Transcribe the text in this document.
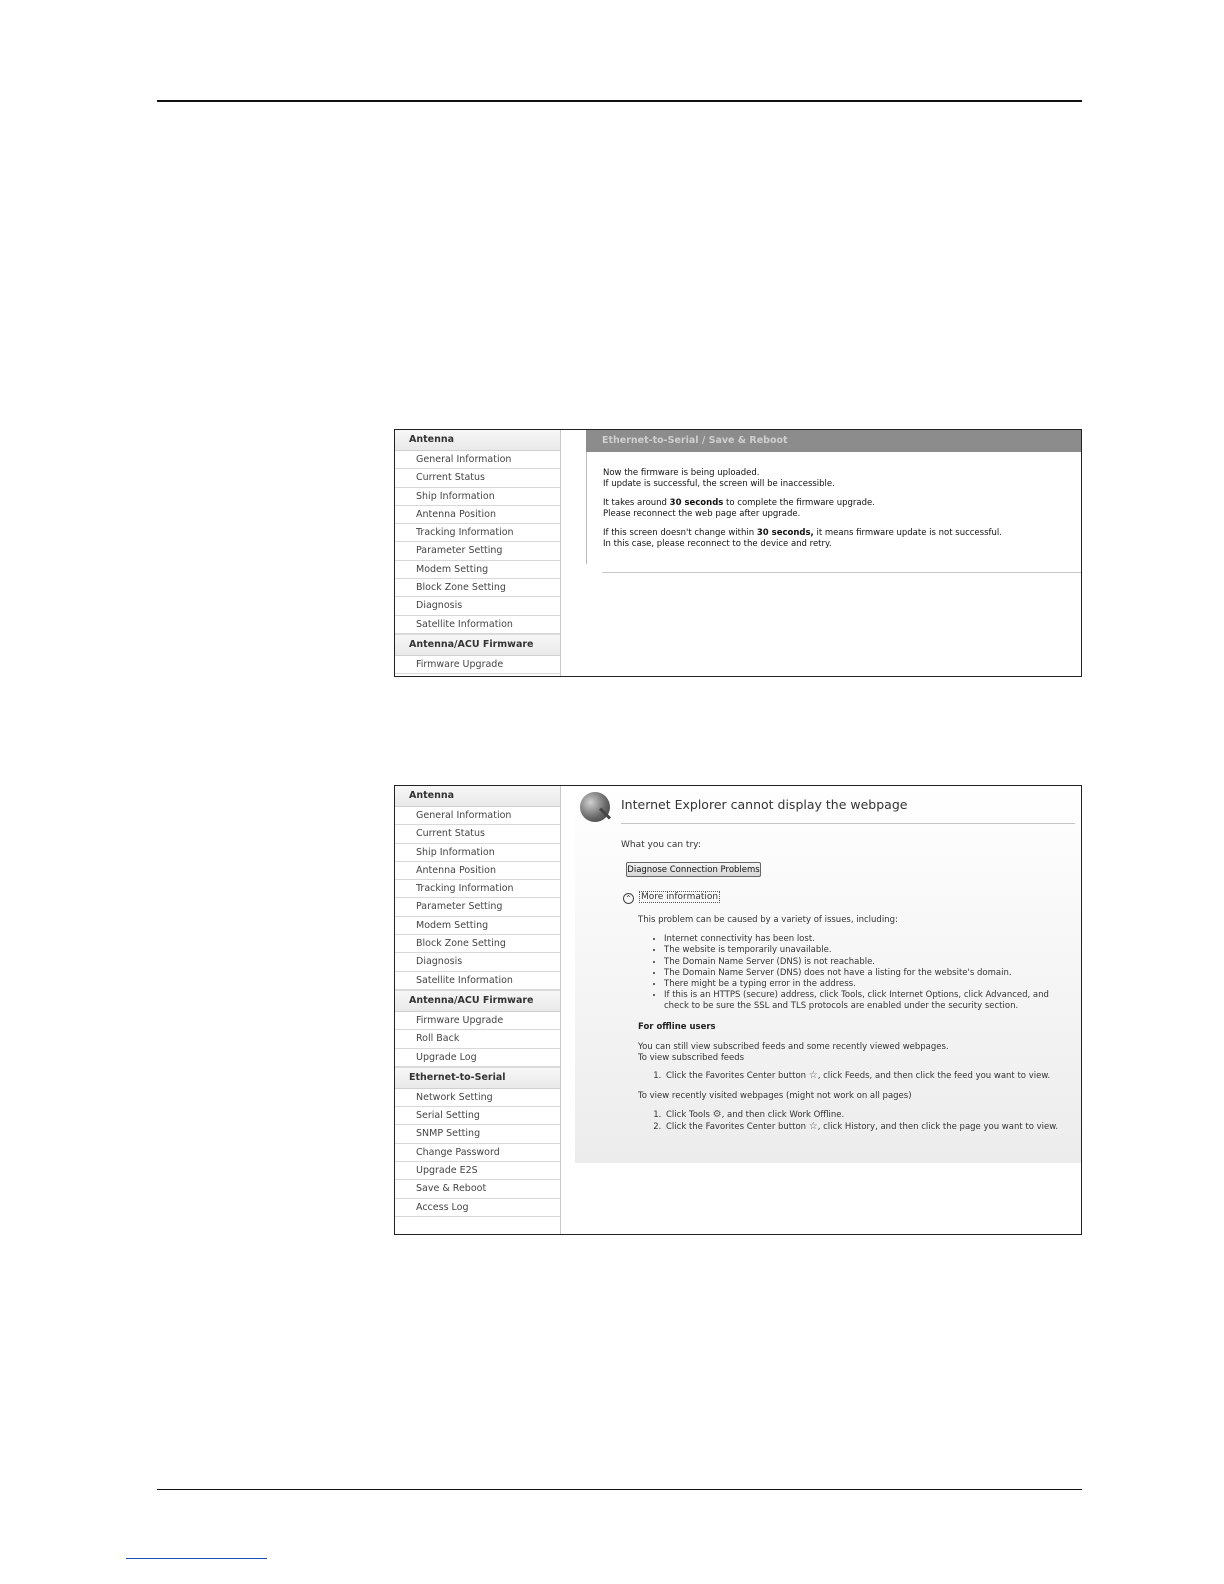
Antenna
General Information
Current Status
Ship Information
Antenna Position
Tracking Information
Parameter Setting
Modem Setting
Block Zone Setting
Diagnosis
Satellite Information
Antenna/ACU Firmware
Firmware Upgrade
Ethernet-to-Serial / Save & Reboot

Now the firmware is being uploaded.
If update is successful, the screen will be inaccessible.

It takes around 30 seconds to complete the firmware upgrade.
Please reconnect the web page after upgrade.

If this screen doesn't change within 30 seconds, it means firmware update is not successful.
In this case, please reconnect to the device and retry.

Antenna
General Information
Current Status
Ship Information
Antenna Position
Tracking Information
Parameter Setting
Modem Setting
Block Zone Setting
Diagnosis
Satellite Information
Antenna/ACU Firmware
Firmware Upgrade
Roll Back
Upgrade Log
Ethernet-to-Serial
Network Setting
Serial Setting
SNMP Setting
Change Password
Upgrade E2S
Save & Reboot
Access Log
Internet Explorer cannot display the webpage
What you can try:
Diagnose Connection Problems
⌃ More information

This problem can be caused by a variety of issues, including:

• Internet connectivity has been lost.
• The website is temporarily unavailable.
• The Domain Name Server (DNS) is not reachable.
• The Domain Name Server (DNS) does not have a listing for the website's domain.
• There might be a typing error in the address.
• If this is an HTTPS (secure) address, click Tools, click Internet Options, click Advanced, and check to be sure the SSL and TLS protocols are enabled under the security section.
For offline users

You can still view subscribed feeds and some recently viewed webpages.

To view subscribed feeds

1. Click the Favorites Center button ☆, click Feeds, and then click the feed you want to view.

To view recently visited webpages (might not work on all pages)

1. Click Tools ⚙, and then click Work Offline.
2. Click the Favorites Center button ☆, click History, and then click the page you want to view.
